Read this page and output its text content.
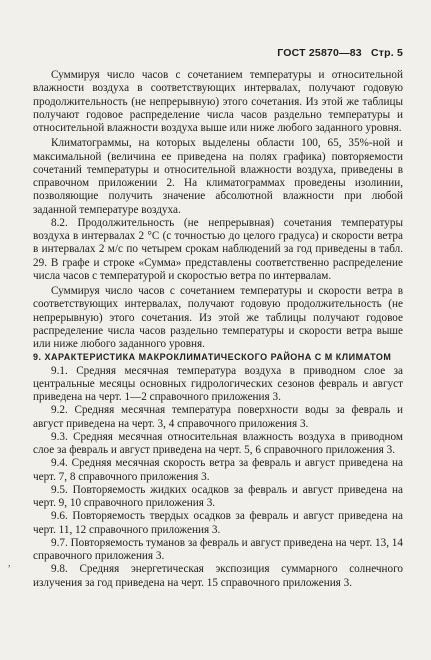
ГОСТ 25870—83 Стр. 5
,

Суммируя число часов с сочетанием температуры и относительной влажности воздуха в соответствующих интервалах, получают годовую продолжительность (не непрерывную) этого сочетания. Из этой же таблицы получают годовое распределение числа часов раздельно температуры и относительной влажности воздуха выше или ниже любого заданного уровня.

Климатограммы, на которых выделены области 100, 65, 35%-ной и максимальной (величина ее приведена на полях графика) повторяемости сочетаний температуры и относительной влажности воздуха, приведены в справочном приложении 2. На климатограммах проведены изолинии, позволяющие получить значение абсолютной влажности при любой заданной температуре воздуха.

8.2. Продолжительность (не непрерывная) сочетания температуры воздуха в интервалах 2 °С (с точностью до целого градуса) и скорости ветра в интервалах 2 м/с по четырем срокам наблюдений за год приведены в табл. 29. В графе и строке «Сумма» представлены соответственно распределение числа часов с температурой и скоростью ветра по интервалам.

Суммируя число часов с сочетанием температуры и скорости ветра в соответствующих интервалах, получают годовую продолжительность (не непрерывную) этого сочетания. Из этой же таблицы получают годовое распределение числа часов раздельно температуры и скорости ветра выше или ниже любого заданного уровня.

9. ХАРАКТЕРИСТИКА МАКРОКЛИМАТИЧЕСКОГО РАЙОНА С М КЛИМАТОМ

9.1. Средняя месячная температура воздуха в приводном слое за центральные месяцы основных гидрологических сезонов февраль и август приведена на черт. 1—2 справочного приложения 3.

9.2. Средняя месячная температура поверхности воды за февраль и август приведена на черт. 3, 4 справочного приложения 3.

9.3. Средняя месячная относительная влажность воздуха в приводном слое за февраль и август приведена на черт. 5, 6 справочного приложения 3.

9.4. Средняя месячная скорость ветра за февраль и август приведена на черт. 7, 8 справочного приложения 3.

9.5. Повторяемость жидких осадков за февраль и август приведена на черт. 9, 10 справочного приложения 3.

9.6. Повторяемость твердых осадков за февраль и август приведена на черт. 11, 12 справочного приложения 3.

9.7. Повторяемость туманов за февраль и август приведена на черт. 13, 14 справочного приложения 3.

9.8. Средняя энергетическая экспозиция суммарного солнечного излучения за год приведена на черт. 15 справочного приложения 3.
